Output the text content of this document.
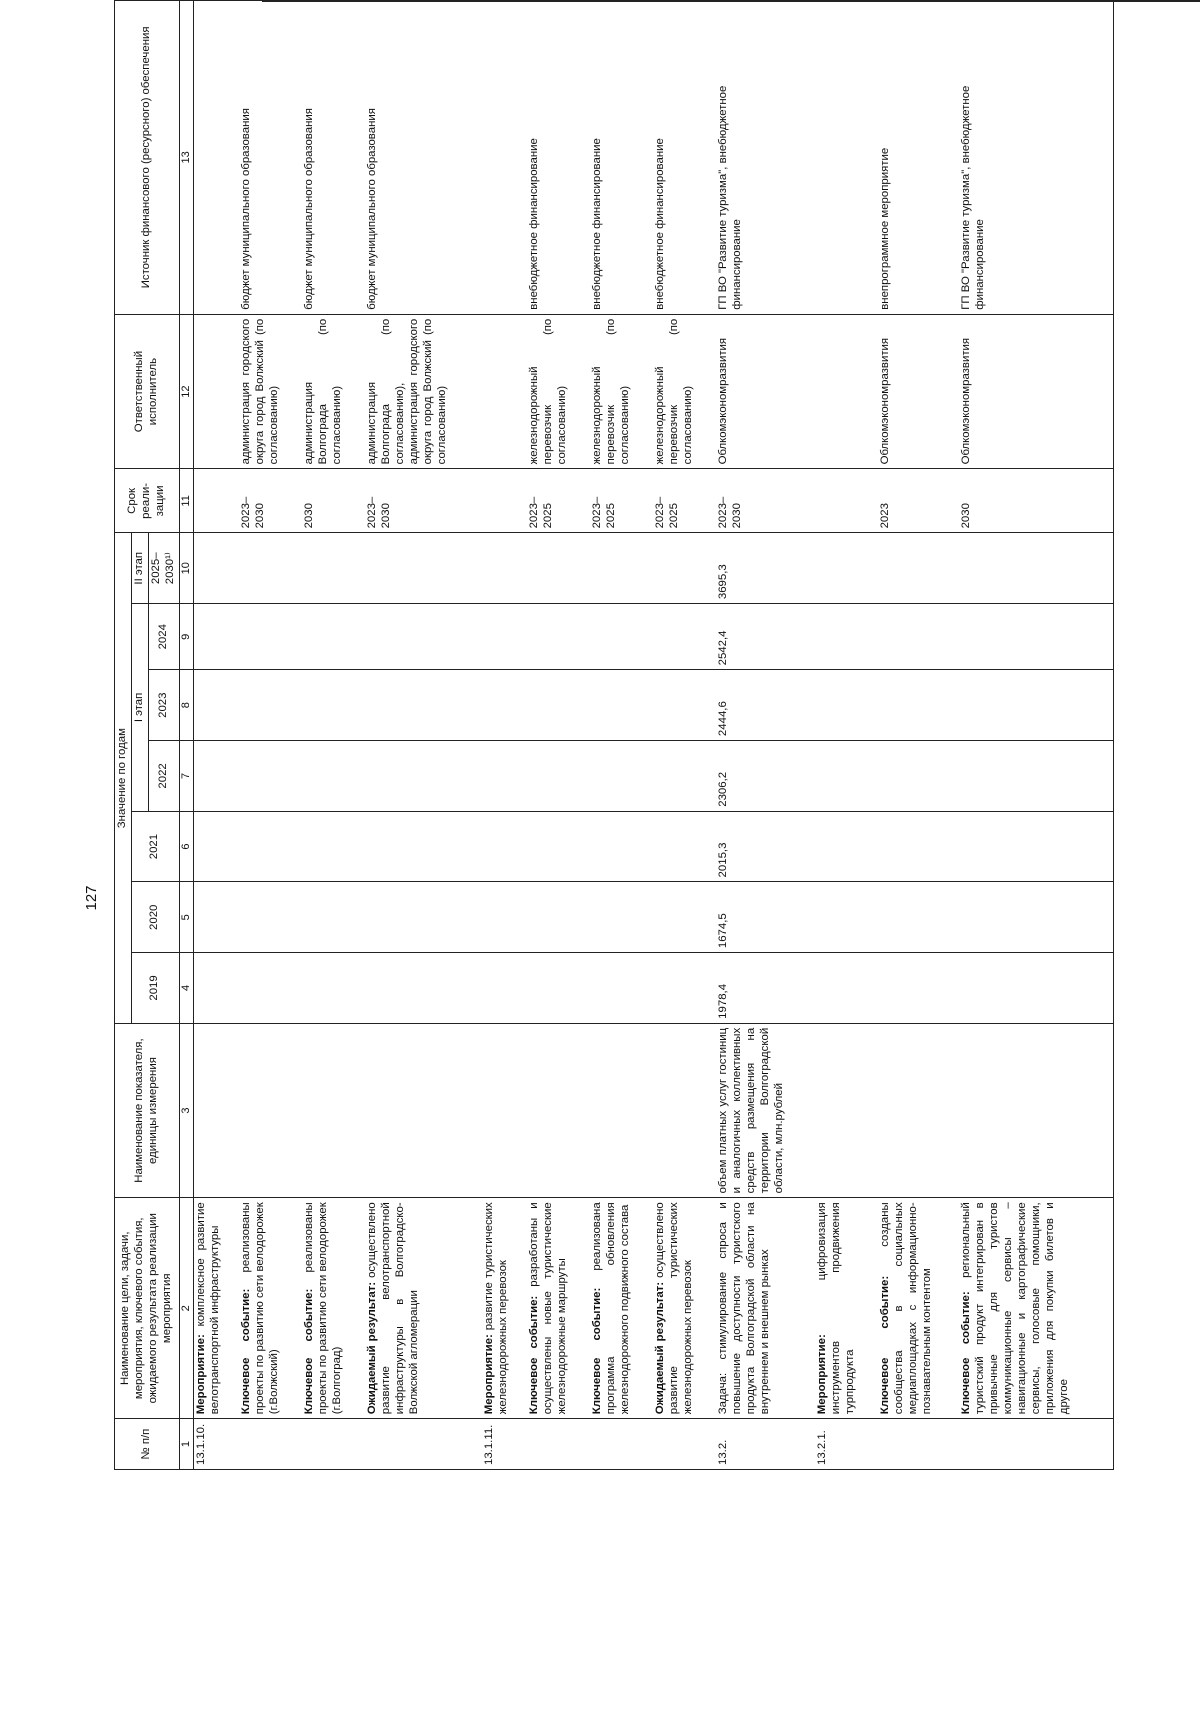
127
№ п/п	Наименование цели, задачи, мероприятия, ключевого события, ожидаемого результата реализации мероприятия	Наименование показателя, единицы измерения	Значение по годам							Срок реали-зации	Ответственный исполнитель	Источник финансового (ресурсного) обеспечения
			2019	2020	2021	I этап			II этап			
						2022	2023	2024	2025–2030¹⁾			
1	2	3	4	5	6	7	8	9	10	11	12	13
13.1.10.	Мероприятие: комплексное развитие велотранспортной инфраструктуры											

	Ключевое событие: реализованы проекты по развитию сети велодорожек (г.Волжский)									2023–2030	администрация городского округа город Волжский (по согласованию)	бюджет муниципального образования

	Ключевое событие: реализованы проекты по развитию сети велодорожек (г.Волгоград)									2030	администрация Волгограда (по согласованию)	бюджет муниципального образования

	Ожидаемый результат: осуществлено развитие велотранспортной инфраструктуры в Волгоградско-Волжской агломерации									2023–2030	администрация Волгограда (по согласованию), администрация городского округа город Волжский (по согласованию)	бюджет муниципального образования

13.1.11.	Мероприятие: развитие туристических железнодорожных перевозок											

	Ключевое событие: разработаны и осуществлены новые туристические железнодорожные маршруты									2023–2025	железнодорожный перевозчик (по согласованию)	внебюджетное финансирование

	Ключевое событие: реализована программа обновления железнодорожного подвижного состава									2023–2025	железнодорожный перевозчик (по согласованию)	внебюджетное финансирование

	Ожидаемый результат: осуществлено развитие туристических железнодорожных перевозок									2023–2025	железнодорожный перевозчик (по согласованию)	внебюджетное финансирование

13.2.	Задача: стимулирование спроса и повышение доступности туристского продукта Волгоградской области на внутреннем и внешнем рынках	объем платных услуг гостиниц и аналогичных коллективных средств размещения на территории Волгоградской области, млн.рублей	1978,4	1674,5	2015,3	2306,2	2444,6	2542,4	3695,3	2023–2030	Облкомэкономразвития	ГП ВО "Развитие туризма", внебюджетное финансирование

13.2.1.	Мероприятие: цифровизация инструментов продвижения турпродукта											

	Ключевое событие: созданы сообщества в социальных медиаплощадках с информационно-познавательным контентом									2023	Облкомэкономразвития	внепрограммное мероприятие

	Ключевое событие: региональный туристский продукт интегрирован в привычные для туристов коммуникационные сервисы – навигационные и картографические сервисы, голосовые помощники, приложения для покупки билетов и другое									2030	Облкомэкономразвития	ГП ВО "Развитие туризма", внебюджетное финансирование
